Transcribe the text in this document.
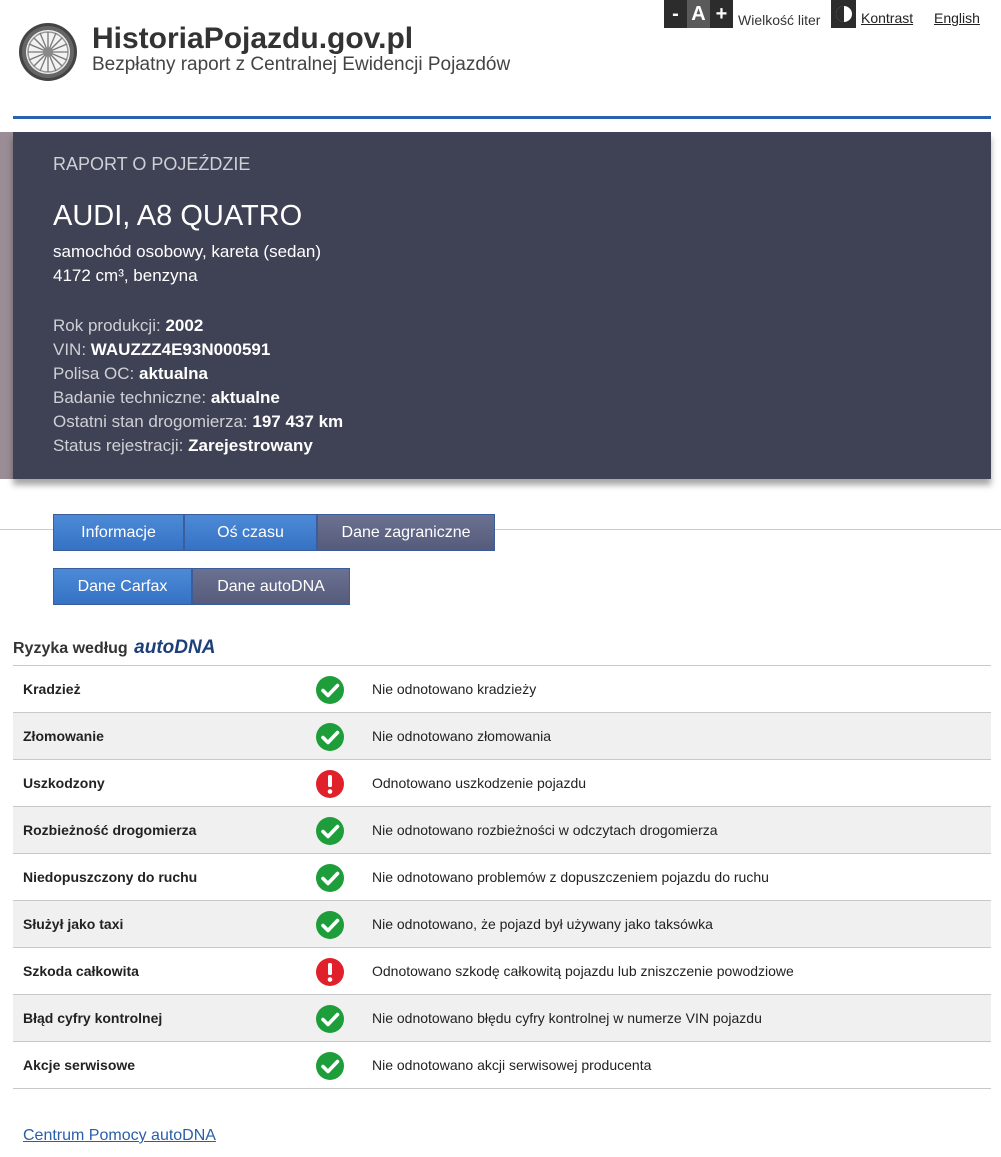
HistoriaPojazdu.gov.pl
Bezpłatny raport z Centralnej Ewidencji Pojazdów
- A + Wielkość liter	Kontrast English
RAPORT O POJEŹDZIE
AUDI, A8 QUATRO
samochód osobowy, kareta (sedan)
4172 cm³, benzyna
Rok produkcji: 2002
VIN: WAUZZZ4E93N000591
Polisa OC: aktualna
Badanie techniczne: aktualne
Ostatni stan drogomierza: 197 437 km
Status rejestracji: Zarejestrowany
Informacje	Oś czasu	Dane zagraniczne
Dane Carfax	Dane autoDNA
Ryzyka według autoDNA
Kradzież	Nie odnotowano kradzieży
Złomowanie	Nie odnotowano złomowania
Uszkodzony	Odnotowano uszkodzenie pojazdu
Rozbieżność drogomierza	Nie odnotowano rozbieżności w odczytach drogomierza
Niedopuszczony do ruchu	Nie odnotowano problemów z dopuszczeniem pojazdu do ruchu
Służył jako taxi	Nie odnotowano, że pojazd był używany jako taksówka
Szkoda całkowita	Odnotowano szkodę całkowitą pojazdu lub zniszczenie powodziowe
Błąd cyfry kontrolnej	Nie odnotowano błędu cyfry kontrolnej w numerze VIN pojazdu
Akcje serwisowe	Nie odnotowano akcji serwisowej producenta
Centrum Pomocy autoDNA
